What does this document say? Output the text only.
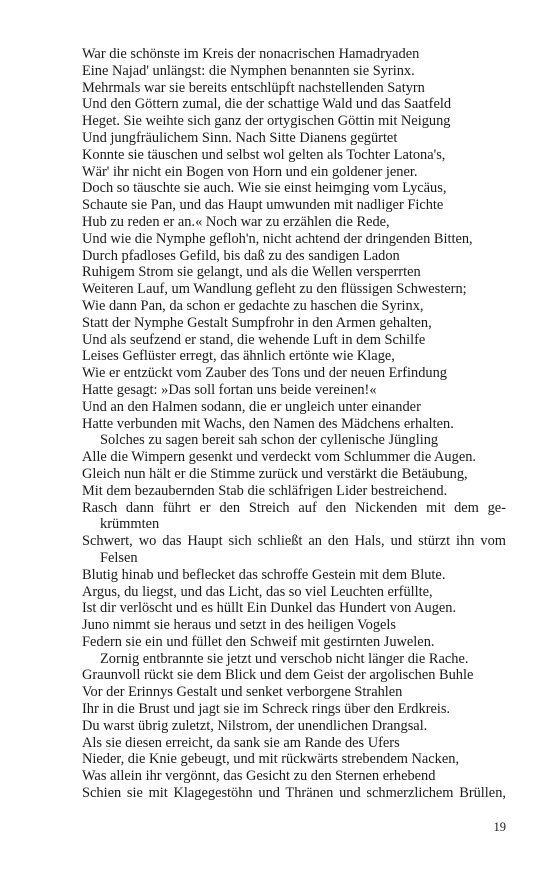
War die schönste im Kreis der nonacrischen Hamadryaden
Eine Najad' unlängst: die Nymphen benannten sie Syrinx.
Mehrmals war sie bereits entschlüpft nachstellenden Satyrn
Und den Göttern zumal, die der schattige Wald und das Saatfeld
Heget. Sie weihte sich ganz der ortygischen Göttin mit Neigung
Und jungfräulichem Sinn. Nach Sitte Dianens gegürtet
Konnte sie täuschen und selbst wol gelten als Tochter Latona's,
Wär' ihr nicht ein Bogen von Horn und ein goldener jener.
Doch so täuschte sie auch. Wie sie einst heimging vom Lycäus,
Schaute sie Pan, und das Haupt umwunden mit nadliger Fichte
Hub zu reden er an.« Noch war zu erzählen die Rede,
Und wie die Nymphe gefloh'n, nicht achtend der dringenden Bitten,
Durch pfadloses Gefild, bis daß zu des sandigen Ladon
Ruhigem Strom sie gelangt, und als die Wellen versperrten
Weiteren Lauf, um Wandlung gefleht zu den flüssigen Schwestern;
Wie dann Pan, da schon er gedachte zu haschen die Syrinx,
Statt der Nymphe Gestalt Sumpfrohr in den Armen gehalten,
Und als seufzend er stand, die wehende Luft in dem Schilfe
Leises Geflüster erregt, das ähnlich ertönte wie Klage,
Wie er entzückt vom Zauber des Tons und der neuen Erfindung
Hatte gesagt: »Das soll fortan uns beide vereinen!«
Und an den Halmen sodann, die er ungleich unter einander
Hatte verbunden mit Wachs, den Namen des Mädchens erhalten.
Solches zu sagen bereit sah schon der cyllenische Jüngling
Alle die Wimpern gesenkt und verdeckt vom Schlummer die Augen.
Gleich nun hält er die Stimme zurück und verstärkt die Betäubung,
Mit dem bezaubernden Stab die schläfrigen Lider bestreichend.
Rasch dann führt er den Streich auf den Nickenden mit dem ge-
krümmten
Schwert, wo das Haupt sich schließt an den Hals, und stürzt ihn vom
Felsen
Blutig hinab und beflecket das schroffe Gestein mit dem Blute.
Argus, du liegst, und das Licht, das so viel Leuchten erfüllte,
Ist dir verlöscht und es hüllt Ein Dunkel das Hundert von Augen.
Juno nimmt sie heraus und setzt in des heiligen Vogels
Federn sie ein und füllet den Schweif mit gestirnten Juwelen.
Zornig entbrannte sie jetzt und verschob nicht länger die Rache.
Graunvoll rückt sie dem Blick und dem Geist der argolischen Buhle
Vor der Erinnys Gestalt und senket verborgene Strahlen
Ihr in die Brust und jagt sie im Schreck rings über den Erdkreis.
Du warst übrig zuletzt, Nilstrom, der unendlichen Drangsal.
Als sie diesen erreicht, da sank sie am Rande des Ufers
Nieder, die Knie gebeugt, und mit rückwärts strebendem Nacken,
Was allein ihr vergönnt, das Gesicht zu den Sternen erhebend
Schien sie mit Klagegestöhn und Thränen und schmerzlichem Brüllen,
19
